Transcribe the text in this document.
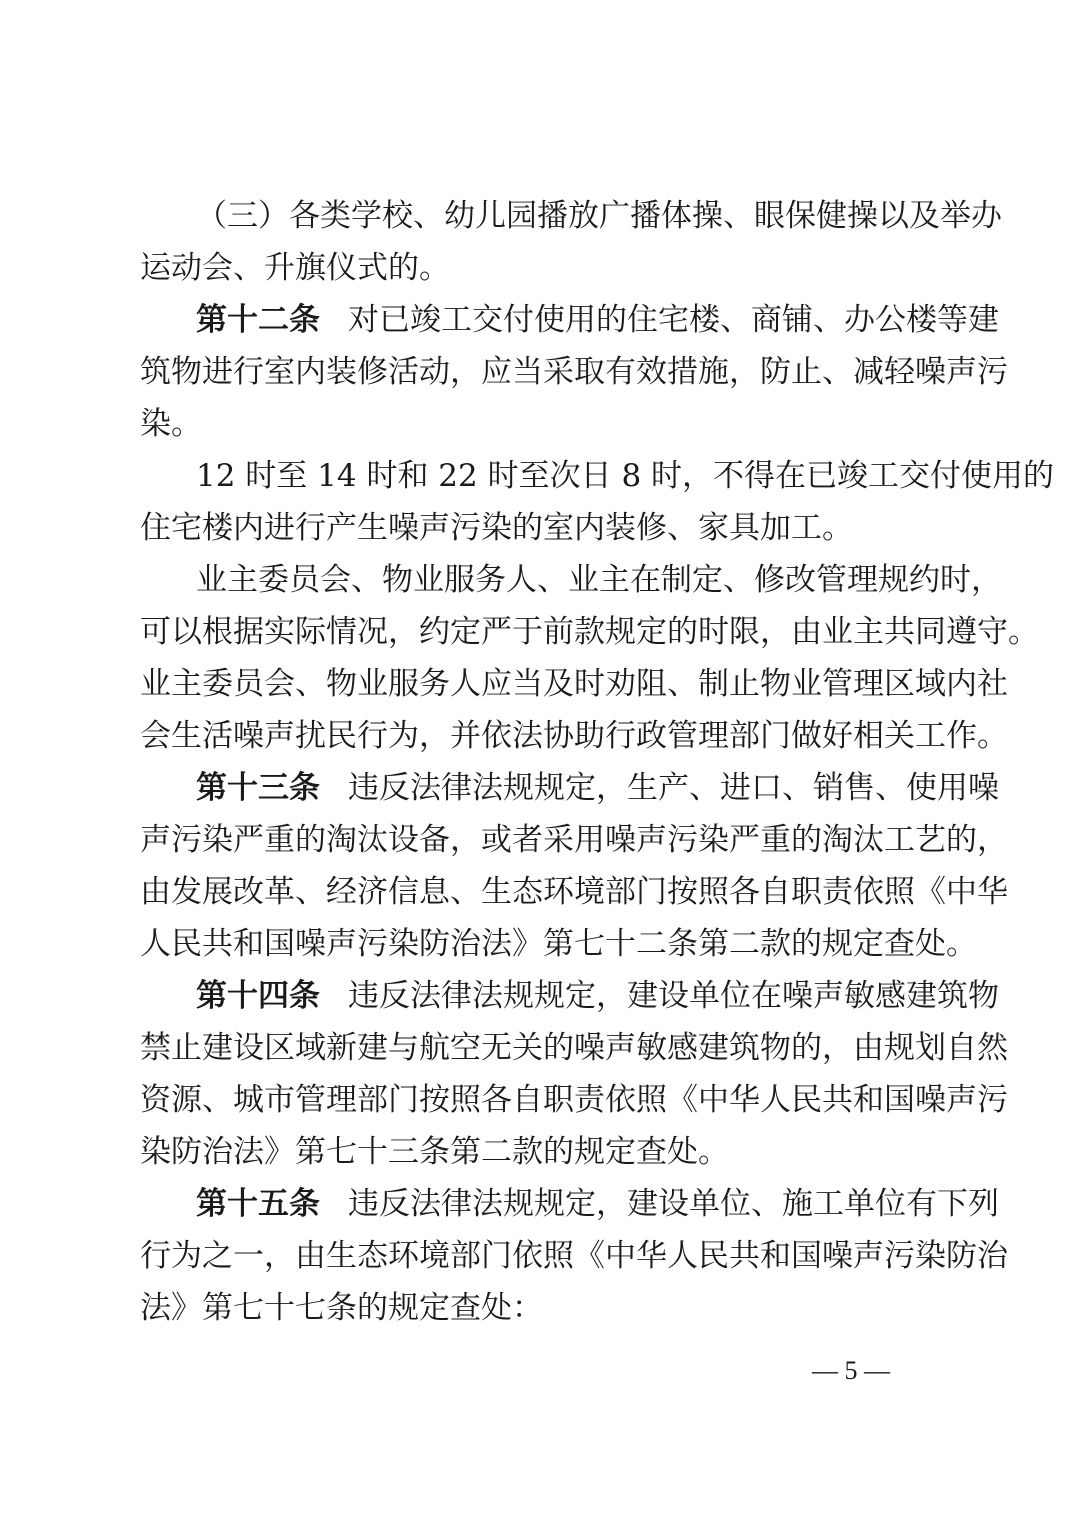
（三）各类学校、幼儿园播放广播体操、眼保健操以及举办
运动会、升旗仪式的。
第十二条 对已竣工交付使用的住宅楼、商铺、办公楼等建
筑物进行室内装修活动，应当采取有效措施，防止、减轻噪声污
染。
12 时至 14 时和 22 时至次日 8 时，不得在已竣工交付使用的
住宅楼内进行产生噪声污染的室内装修、家具加工。
业主委员会、物业服务人、业主在制定、修改管理规约时，
可以根据实际情况，约定严于前款规定的时限，由业主共同遵守。
业主委员会、物业服务人应当及时劝阻、制止物业管理区域内社
会生活噪声扰民行为，并依法协助行政管理部门做好相关工作。
第十三条 违反法律法规规定，生产、进口、销售、使用噪
声污染严重的淘汰设备，或者采用噪声污染严重的淘汰工艺的，
由发展改革、经济信息、生态环境部门按照各自职责依照《中华
人民共和国噪声污染防治法》第七十二条第二款的规定查处。
第十四条 违反法律法规规定，建设单位在噪声敏感建筑物
禁止建设区域新建与航空无关的噪声敏感建筑物的，由规划自然
资源、城市管理部门按照各自职责依照《中华人民共和国噪声污
染防治法》第七十三条第二款的规定查处。
第十五条 违反法律法规规定，建设单位、施工单位有下列
行为之一，由生态环境部门依照《中华人民共和国噪声污染防治
法》第七十七条的规定查处：
— 5 —
